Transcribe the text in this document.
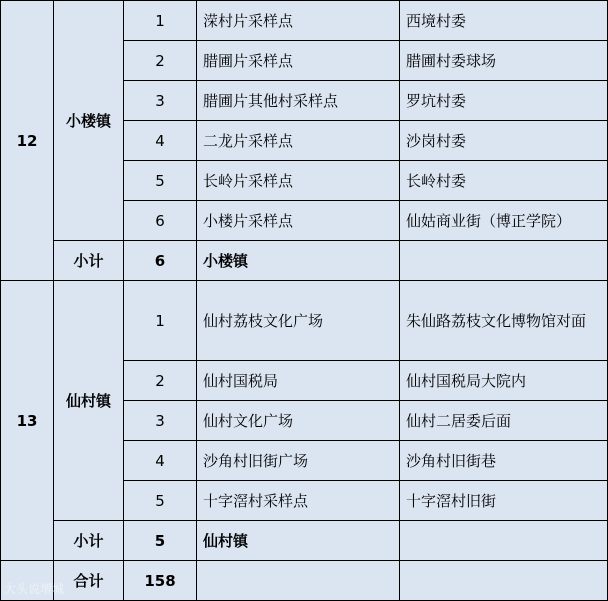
12
小楼镇
1	溁村片采样点	西境村委
2	腊圃片采样点	腊圃村委球场
3	腊圃片其他村采样点	罗坑村委
4	二龙片采样点	沙岗村委
5	长岭片采样点	长岭村委
6	小楼片采样点	仙姑商业街（博正学院）
小计	6	小楼镇
13
仙村镇
1	仙村荔枝文化广场	朱仙路荔枝文化博物馆对面
2	仙村国税局	仙村国税局大院内
3	仙村文化广场	仙村二居委后面
4	沙角村旧街广场	沙角村旧街巷
5	十字滘村采样点	十字滘村旧街
小计	5	仙村镇
合计	158
大头说增城
